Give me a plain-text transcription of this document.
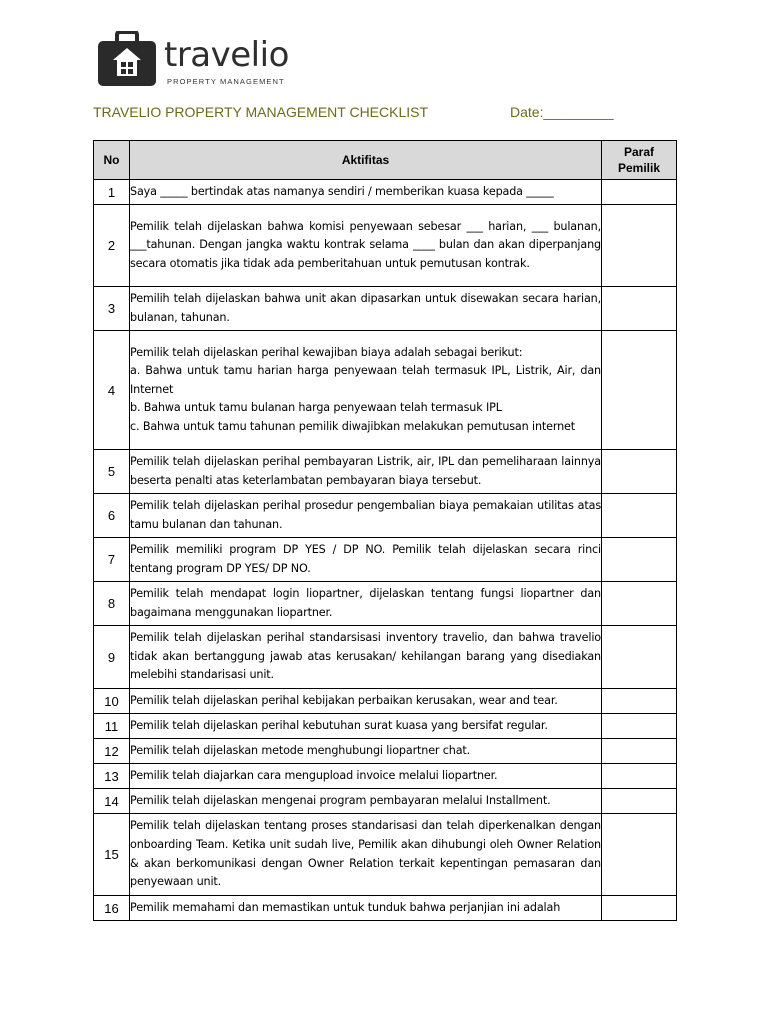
travelio
PROPERTY MANAGEMENT
TRAVELIO PROPERTY MANAGEMENT CHECKLIST	Date:_________
No	Aktifitas	Paraf Pemilik
1	Saya _____ bertindak atas namanya sendiri / memberikan kuasa kepada _____	

2	Pemilik telah dijelaskan bahwa komisi penyewaan sebesar ___ harian, ___ bulanan, ___tahunan. Dengan jangka waktu kontrak selama ____ bulan dan akan diperpanjang secara otomatis jika tidak ada pemberitahuan untuk pemutusan kontrak.	

3	Pemilih telah dijelaskan bahwa unit akan dipasarkan untuk disewakan secara harian, bulanan, tahunan.	

4	Pemilik telah dijelaskan perihal kewajiban biaya adalah sebagai berikut:
a. Bahwa untuk tamu harian harga penyewaan telah termasuk IPL, Listrik, Air, dan Internet
b. Bahwa untuk tamu bulanan harga penyewaan telah termasuk IPL
c. Bahwa untuk tamu tahunan pemilik diwajibkan melakukan pemutusan internet	

5	Pemilik telah dijelaskan perihal pembayaran Listrik, air, IPL dan pemeliharaan lainnya beserta penalti atas keterlambatan pembayaran biaya tersebut.	

6	Pemilik telah dijelaskan perihal prosedur pengembalian biaya pemakaian utilitas atas tamu bulanan dan tahunan.	

7	Pemilik memiliki program DP YES / DP NO. Pemilik telah dijelaskan secara rinci tentang program DP YES/ DP NO.	

8	Pemilik telah mendapat login liopartner, dijelaskan tentang fungsi liopartner dan bagaimana menggunakan liopartner.	

9	Pemilik telah dijelaskan perihal standarsisasi inventory travelio, dan bahwa travelio tidak akan bertanggung jawab atas kerusakan/ kehilangan barang yang disediakan melebihi standarisasi unit.	

10	Pemilik telah dijelaskan perihal kebijakan perbaikan kerusakan, wear and tear.	

11	Pemilik telah dijelaskan perihal kebutuhan surat kuasa yang bersifat regular.	

12	Pemilik telah dijelaskan metode menghubungi liopartner chat.	

13	Pemilik telah diajarkan cara mengupload invoice melalui liopartner.	

14	Pemilik telah dijelaskan mengenai program pembayaran melalui Installment.	

15	Pemilik telah dijelaskan tentang proses standarisasi dan telah diperkenalkan dengan onboarding Team. Ketika unit sudah live, Pemilik akan dihubungi oleh Owner Relation & akan berkomunikasi dengan Owner Relation terkait kepentingan pemasaran dan penyewaan unit.	

16	Pemilik memahami dan memastikan untuk tunduk bahwa perjanjian ini adalah	
